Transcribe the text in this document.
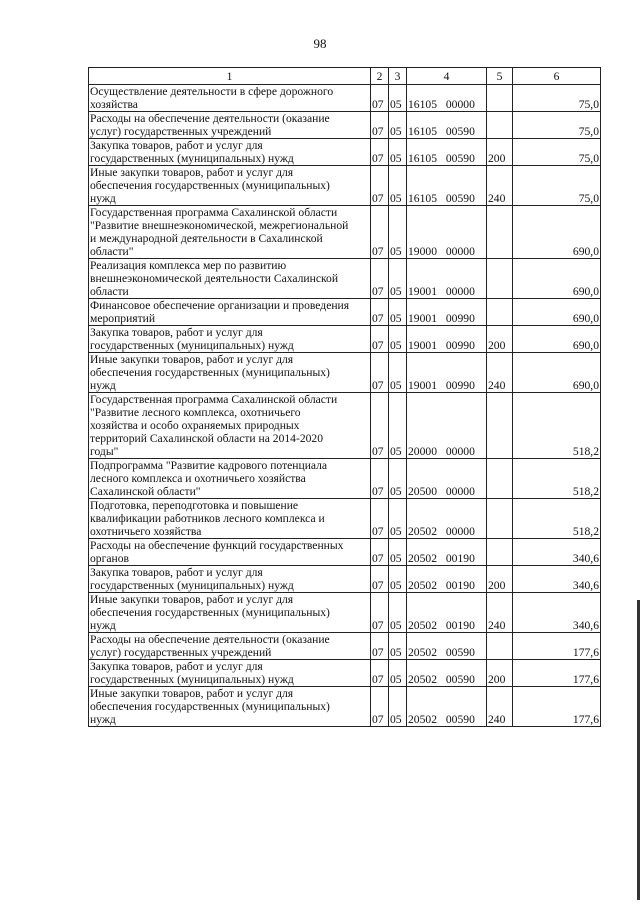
98
1	2	3	4	5	6
Осуществление деятельности в сфере дорожного
хозяйства	07	05	16105 00000		75,0
Расходы на обеспечение деятельности (оказание
услуг) государственных учреждений	07	05	16105 00590		75,0
Закупка товаров, работ и услуг для
государственных (муниципальных) нужд	07	05	16105 00590	200	75,0
Иные закупки товаров, работ и услуг для
обеспечения государственных (муниципальных)
нужд	07	05	16105 00590	240	75,0
Государственная программа Сахалинской области
"Развитие внешнеэкономической, межрегиональной
и международной деятельности в Сахалинской
области"	07	05	19000 00000		690,0
Реализация комплекса мер по развитию
внешнеэкономической деятельности Сахалинской
области	07	05	19001 00000		690,0
Финансовое обеспечение организации и проведения
мероприятий	07	05	19001 00990		690,0
Закупка товаров, работ и услуг для
государственных (муниципальных) нужд	07	05	19001 00990	200	690,0
Иные закупки товаров, работ и услуг для
обеспечения государственных (муниципальных)
нужд	07	05	19001 00990	240	690,0
Государственная программа Сахалинской области
"Развитие лесного комплекса, охотничьего
хозяйства и особо охраняемых природных
территорий Сахалинской области на 2014-2020
годы"	07	05	20000 00000		518,2
Подпрограмма "Развитие кадрового потенциала
лесного комплекса и охотничьего хозяйства
Сахалинской области"	07	05	20500 00000		518,2
Подготовка, переподготовка и повышение
квалификации работников лесного комплекса и
охотничьего хозяйства	07	05	20502 00000		518,2
Расходы на обеспечение функций государственных
органов	07	05	20502 00190		340,6
Закупка товаров, работ и услуг для
государственных (муниципальных) нужд	07	05	20502 00190	200	340,6
Иные закупки товаров, работ и услуг для
обеспечения государственных (муниципальных)
нужд	07	05	20502 00190	240	340,6
Расходы на обеспечение деятельности (оказание
услуг) государственных учреждений	07	05	20502 00590		177,6
Закупка товаров, работ и услуг для
государственных (муниципальных) нужд	07	05	20502 00590	200	177,6
Иные закупки товаров, работ и услуг для
обеспечения государственных (муниципальных)
нужд	07	05	20502 00590	240	177,6
